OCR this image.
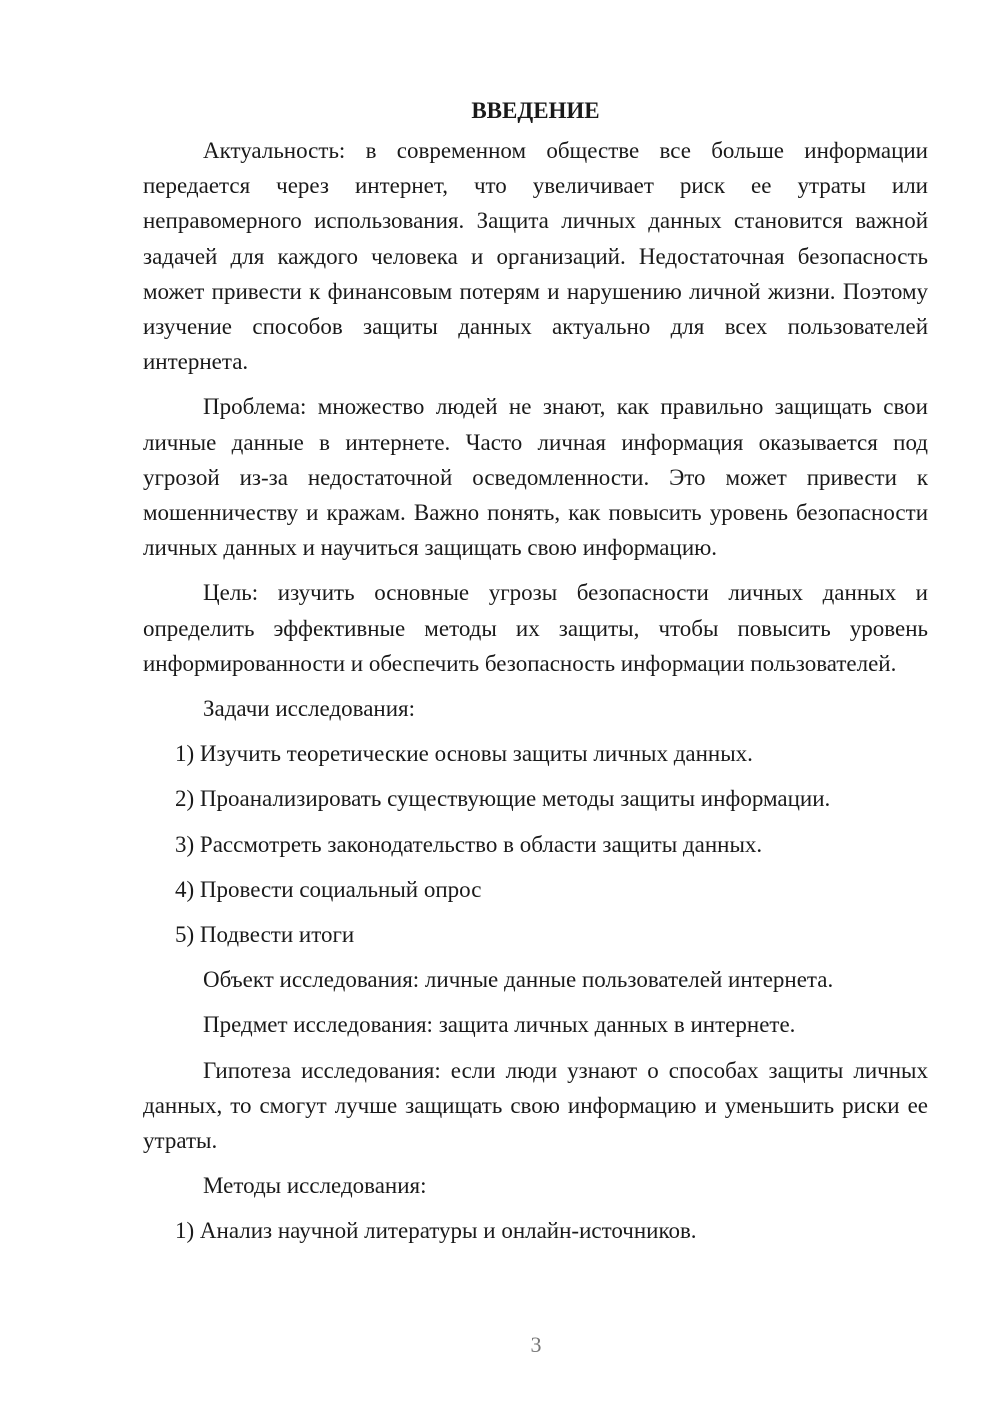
ВВЕДЕНИЕ

Актуальность: в современном обществе все больше информации передается через интернет, что увеличивает риск ее утраты или неправомерного использования. Защита личных данных становится важной задачей для каждого человека и организаций. Недостаточная безопасность может привести к финансовым потерям и нарушению личной жизни. Поэтому изучение способов защиты данных актуально для всех пользователей интернета.

Проблема: множество людей не знают, как правильно защищать свои личные данные в интернете. Часто личная информация оказывается под угрозой из-за недостаточной осведомленности. Это может привести к мошенничеству и кражам. Важно понять, как повысить уровень безопасности личных данных и научиться защищать свою информацию.

Цель: изучить основные угрозы безопасности личных данных и определить эффективные методы их защиты, чтобы повысить уровень информированности и обеспечить безопасность информации пользователей.

Задачи исследования:

1) Изучить теоретические основы защиты личных данных.
2) Проанализировать существующие методы защиты информации.
3) Рассмотреть законодательство в области защиты данных.
4) Провести социальный опрос
5) Подвести итоги

Объект исследования: личные данные пользователей интернета.

Предмет исследования: защита личных данных в интернете.

Гипотеза исследования: если люди узнают о способах защиты личных данных, то смогут лучше защищать свою информацию и уменьшить риски ее утраты.

Методы исследования:

1) Анализ научной литературы и онлайн-источников.
3
